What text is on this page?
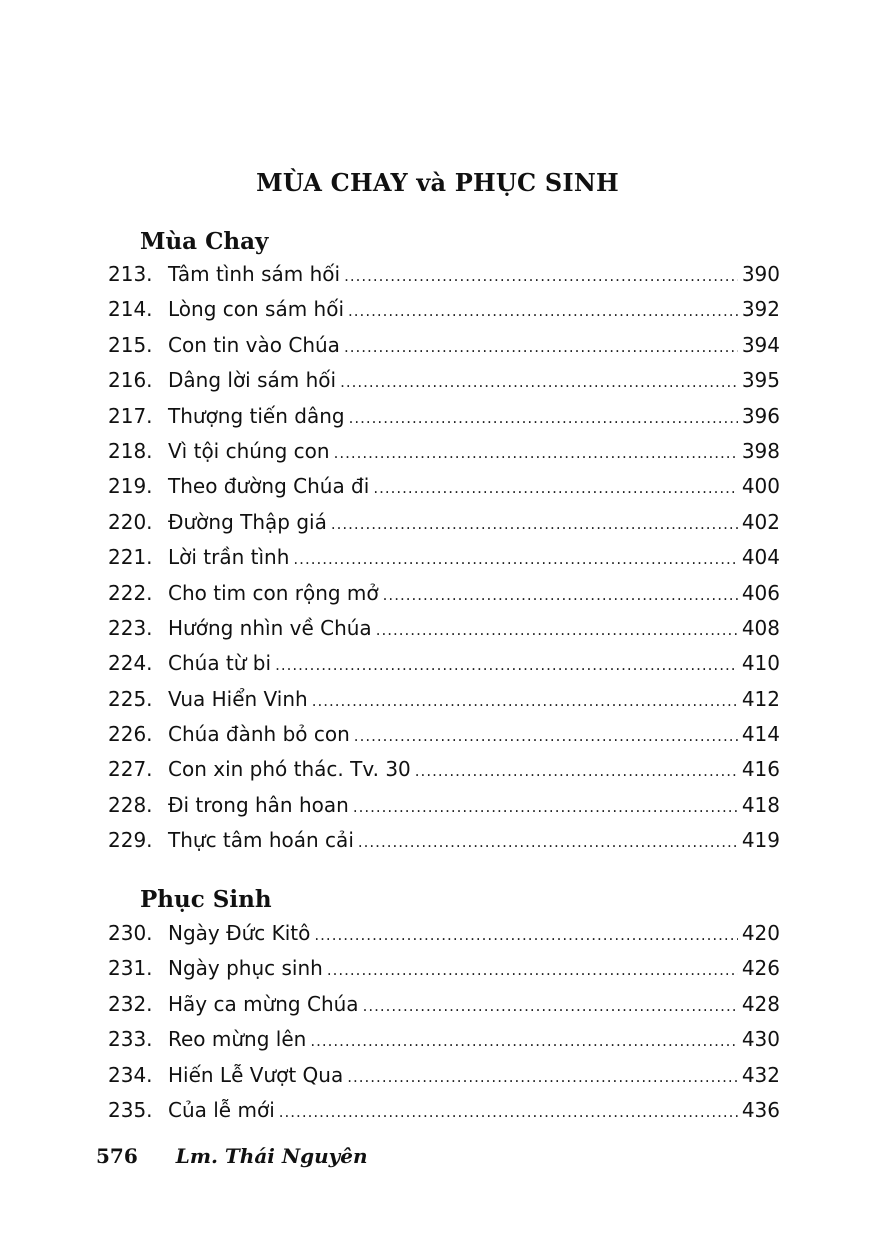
MÙA CHAY và PHỤC SINH
Mùa Chay
213. Tâm tình sám hối .....	390
214. Lòng con sám hối .....	392
215. Con tin vào Chúa .....	394
216. Dâng lời sám hối .....	395
217. Thượng tiến dâng .....	396
218. Vì tội chúng con .....	398
219. Theo đường Chúa đi .....	400
220. Đường Thập giá .....	402
221. Lời trần tình .....	404
222. Cho tim con rộng mở .....	406
223. Hướng nhìn về Chúa .....	408
224. Chúa từ bi .....	410
225. Vua Hiển Vinh .....	412
226. Chúa đành bỏ con .....	414
227. Con xin phó thác. Tv. 30 .....	416
228. Đi trong hân hoan .....	418
229. Thực tâm hoán cải .....	419
Phục Sinh
230. Ngày Đức Kitô .....	420
231. Ngày phục sinh .....	426
232. Hãy ca mừng Chúa .....	428
233. Reo mừng lên .....	430
234. Hiến Lễ Vượt Qua .....	432
235. Của lễ mới .....	436
576 Lm. Thái Nguyên
